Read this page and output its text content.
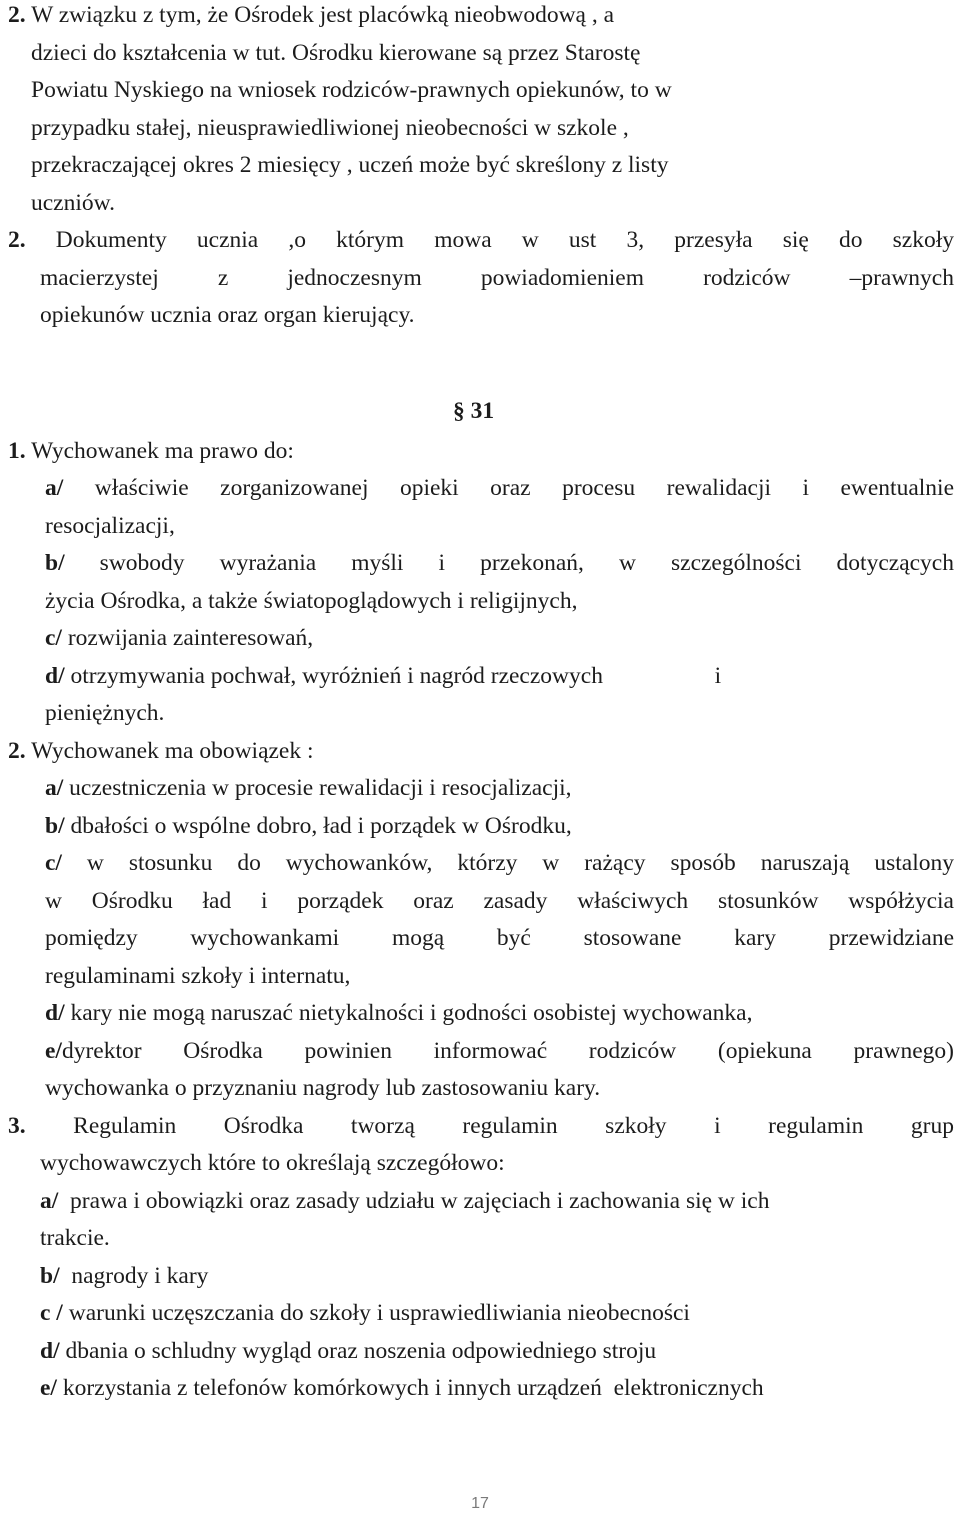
2. W związku z tym, że Ośrodek jest placówką nieobwodową , a
dzieci do kształcenia w tut. Ośrodku kierowane są przez Starostę
Powiatu Nyskiego na wniosek rodziców-prawnych opiekunów, to w
przypadku stałej, nieusprawiedliwionej nieobecności w szkole ,
przekraczającej okres 2 miesięcy , uczeń może być skreślony z listy
uczniów.
2. Dokumenty ucznia ,o którym mowa w ust 3, przesyła się do szkoły
macierzystej z jednoczesnym powiadomieniem rodziców –prawnych
opiekunów ucznia oraz organ kierujący.
§ 31
1. Wychowanek ma prawo do:
a/ właściwie zorganizowanej opieki oraz procesu rewalidacji i ewentualnie
resocjalizacji,
b/ swobody wyrażania myśli i przekonań, w szczególności dotyczących
życia Ośrodka, a także światopoglądowych i religijnych,
c/ rozwijania zainteresowań,
d/ otrzymywania pochwał, wyróżnień i nagród rzeczowych                   i
pieniężnych.
2. Wychowanek ma obowiązek :
a/ uczestniczenia w procesie rewalidacji i resocjalizacji,
b/ dbałości o wspólne dobro, ład i porządek w Ośrodku,
c/ w stosunku do wychowanków, którzy w rażący sposób naruszają ustalony
w Ośrodku ład i porządek oraz zasady właściwych stosunków współżycia
pomiędzy wychowankami mogą być stosowane kary przewidziane
regulaminami szkoły i internatu,
d/ kary nie mogą naruszać nietykalności i godności osobistej wychowanka,
e/dyrektor Ośrodka powinien informować rodziców (opiekuna prawnego)
wychowanka o przyznaniu nagrody lub zastosowaniu kary.
3. Regulamin Ośrodka tworzą regulamin szkoły i regulamin grup
wychowawczych które to określają szczegółowo:
a/  prawa i obowiązki oraz zasady udziału w zajęciach i zachowania się w ich
trakcie.
b/  nagrody i kary
c / warunki uczęszczania do szkoły i usprawiedliwiania nieobecności
d/ dbania o schludny wygląd oraz noszenia odpowiedniego stroju
e/ korzystania z telefonów komórkowych i innych urządzeń  elektronicznych
17
